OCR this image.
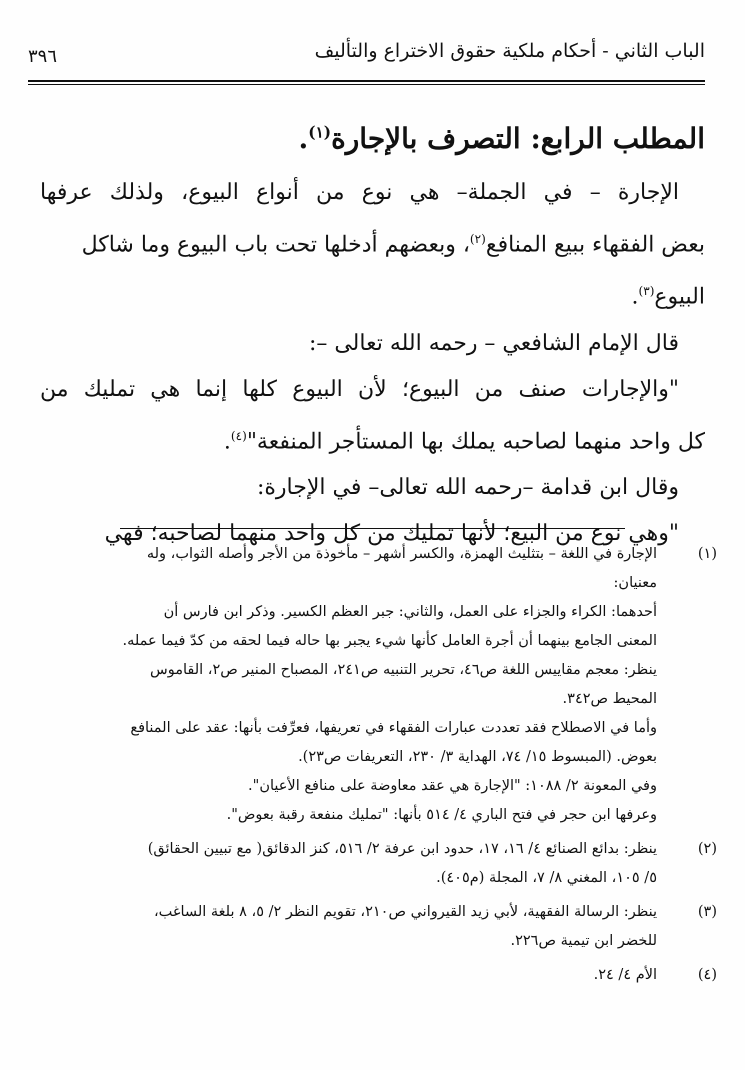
الباب الثاني - أحكام ملكية حقوق الاختراع والتأليف
٣٩٦
المطلب الرابع: التصرف بالإجارة$^{(١)}$.
الإجارة – في الجملة– هي نوع من أنواع البيوع، ولذلك عرفها
بعض الفقهاء ببيع المنافع$^{(٢)}$، وبعضهم أدخلها تحت باب البيوع وما شاكل
البيوع$^{(٣)}$.
قال الإمام الشافعي – رحمه الله تعالى –:
"والإجارات صنف من البيوع؛ لأن البيوع كلها إنما هي تمليك من
كل واحد منهما لصاحبه يملك بها المستأجر المنفعة"$^{(٤)}$.
وقال ابن قدامة –رحمه الله تعالى– في الإجارة:
"وهي نوع من البيع؛ لأنها تمليك من كل واحد منهما لصاحبه؛ فهي
(١)
الإجارة في اللغة – بتثليث الهمزة، والكسر أشهر – مأخوذة من الأجر وأصله الثواب، وله
معنيان:
أحدهما: الكراء والجزاء على العمل، والثاني: جبر العظم الكسير. وذكر ابن فارس أن
المعنى الجامع بينهما أن أجرة العامل كأنها شيء يجبر بها حاله فيما لحقه من كدّ فيما عمله.
ينظر: معجم مقاييس اللغة ص٤٦، تحرير التنبيه ص٢٤١، المصباح المنير ص٢، القاموس
المحيط ص٣٤٢.
وأما في الاصطلاح فقد تعددت عبارات الفقهاء في تعريفها، فعرِّفت بأنها: عقد على المنافع
بعوض. (المبسوط ١٥/ ٧٤، الهداية ٣/ ٢٣٠، التعريفات ص٢٣).
وفي المعونة ٢/ ١٠٨٨: "الإجارة هي عقد معاوضة على منافع الأعيان".
وعرفها ابن حجر في فتح الباري ٤/ ٥١٤ بأنها: "تمليك منفعة رقبة بعوض".
(٢)
ينظر: بدائع الصنائع ٤/ ١٦، ١٧، حدود ابن عرفة ٢/ ٥١٦، كنز الدقائق( مع تبيين الحقائق)
٥/ ١٠٥، المغني ٨/ ٧، المجلة (م٤٠٥).
(٣)
ينظر: الرسالة الفقهية، لأبي زيد القيرواني ص٢١٠، تقويم النظر ٢/ ٥، ٨ بلغة الساغب،
للخضر ابن تيمية ص٢٢٦.
(٤)
الأم ٤/ ٢٤.
